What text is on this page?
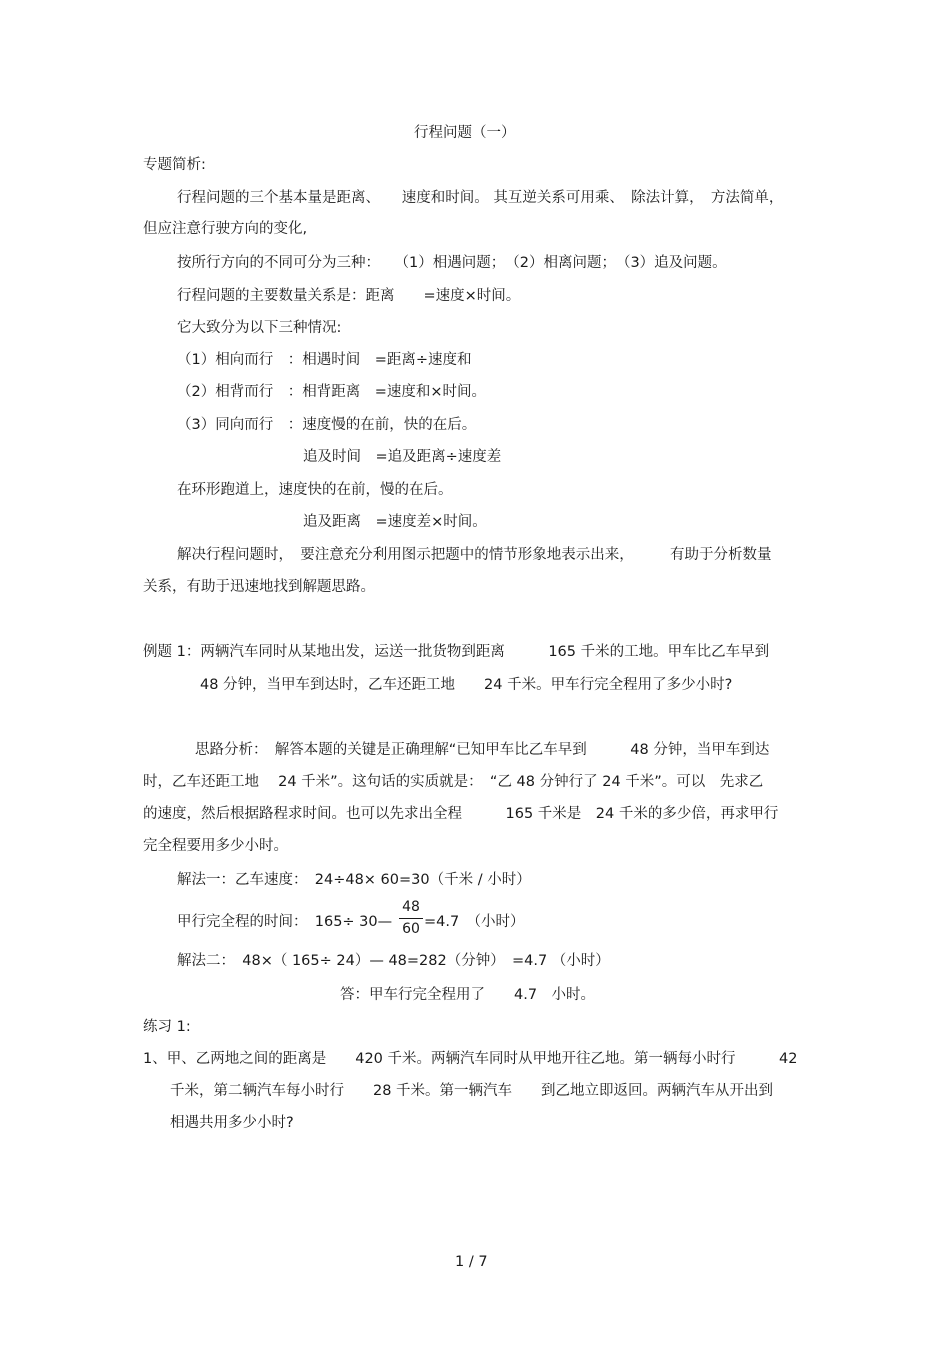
行程问题（一）
专题简析:
行程问题的三个基本量是距离、　　速度和时间。 其互逆关系可用乘、　除法计算，　方法简单，
但应注意行驶方向的变化,
按所行方向的不同可分为三种：　　（1）相遇问题；　（2）相离问题；　（3）追及问题。
行程问题的主要数量关系是：距离　　=速度×时间。
它大致分为以下三种情况:
（1）相向而行　：相遇时间　=距离÷速度和
（2）相背而行　：相背距离　=速度和×时间。
（3）同向而行　：速度慢的在前，快的在后。
追及时间　=追及距离÷速度差
在环形跑道上，速度快的在前，慢的在后。
追及距离　=速度差×时间。
解决行程问题时，　要注意充分利用图示把题中的情节形象地表示出来，　　　有助于分析数量
关系，有助于迅速地找到解题思路。
例题 1：两辆汽车同时从某地出发，运送一批货物到距离　　　165 千米的工地。甲车比乙车早到
48 分钟，当甲车到达时，乙车还距工地　　24 千米。甲车行完全程用了多少小时?
思路分析：　解答本题的关键是正确理解“已知甲车比乙车早到　　　48 分钟，当甲车到达
时，乙车还距工地　 24 千米”。这句话的实质就是：　“乙 48 分钟行了 24 千米”。可以　先求乙
的速度，然后根据路程求时间。也可以先求出全程　　　165 千米是　24 千米的多少倍，再求甲行
完全程要用多少小时。
解法一：乙车速度：　24÷48× 60=30（千米 / 小时）
甲行完全程的时间：　165÷ 30—
48
60 =4.7　（小时）
解法二：　48×（ 165÷ 24）— 48=282（分钟）　=4.7 （小时）
答：甲车行完全程用了　　4.7　小时。
练习 1:
1、甲、乙两地之间的距离是　　420 千米。两辆汽车同时从甲地开往乙地。第一辆每小时行　　　42
千米，第二辆汽车每小时行　　28 千米。第一辆汽车　　到乙地立即返回。两辆汽车从开出到
相遇共用多少小时?
1 / 7
